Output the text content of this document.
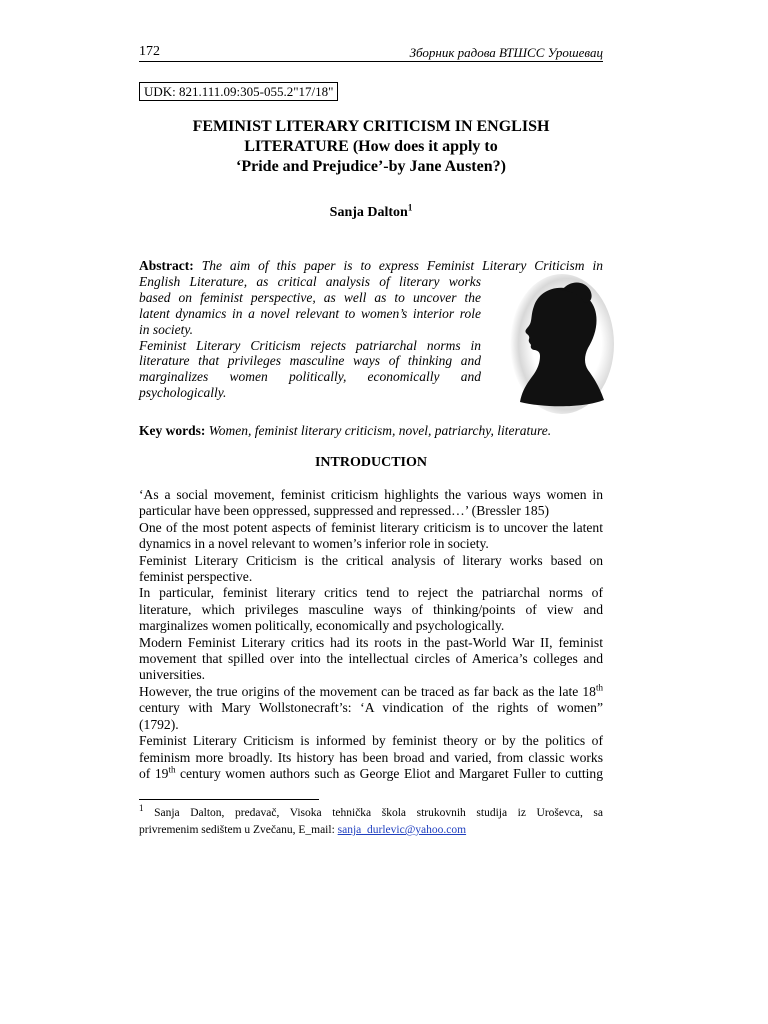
172	Зборник радова ВТШСС Урошевац
UDK: 821.111.09:305-055.2"17/18"
FEMINIST LITERARY CRITICISM IN ENGLISH
LITERATURE (How does it apply to
‘Pride and Prejudice’-by Jane Austen?)
Sanja Dalton$^1$
Abstract: The aim of this paper is to express Feminist Literary Criticism in
English Literature, as critical analysis of literary works
based on feminist perspective, as well as to uncover the
latent dynamics in a novel relevant to women’s interior role
in society.
Feminist Literary Criticism rejects patriarchal norms in
literature that privileges masculine ways of thinking and
marginalizes women politically, economically and
psychologically.
Key words: Women, feminist literary criticism, novel, patriarchy, literature.
INTRODUCTION
‘As a social movement, feminist criticism highlights the various ways women in
particular have been oppressed, suppressed and repressed…’ (Bressler 185)
One of the most potent aspects of feminist literary criticism is to uncover the latent
dynamics in a novel relevant to women’s inferior role in society.
Feminist Literary Criticism is the critical analysis of literary works based on
feminist perspective.
In particular, feminist literary critics tend to reject the patriarchal norms of
literature, which privileges masculine ways of thinking/points of view and
marginalizes women politically, economically and psychologically.
Modern Feminist Literary critics had its roots in the past-World War II, feminist
movement that spilled over into the intellectual circles of America’s colleges and
universities.
However, the true origins of the movement can be traced as far back as the late 18th
century with Mary Wollstonecraft’s: ‘A vindication of the rights of women”
(1792).
Feminist Literary Criticism is informed by feminist theory or by the politics of
feminism more broadly. Its history has been broad and varied, from classic works
of 19th century women authors such as George Eliot and Margaret Fuller to cutting
$^1$ Sanja Dalton, predavač, Visoka tehnička škola strukovnih studija iz Uroševca, sa
privremenim sedištem u Zvečanu, E_mail: sanja_durlevic@yahoo.com
